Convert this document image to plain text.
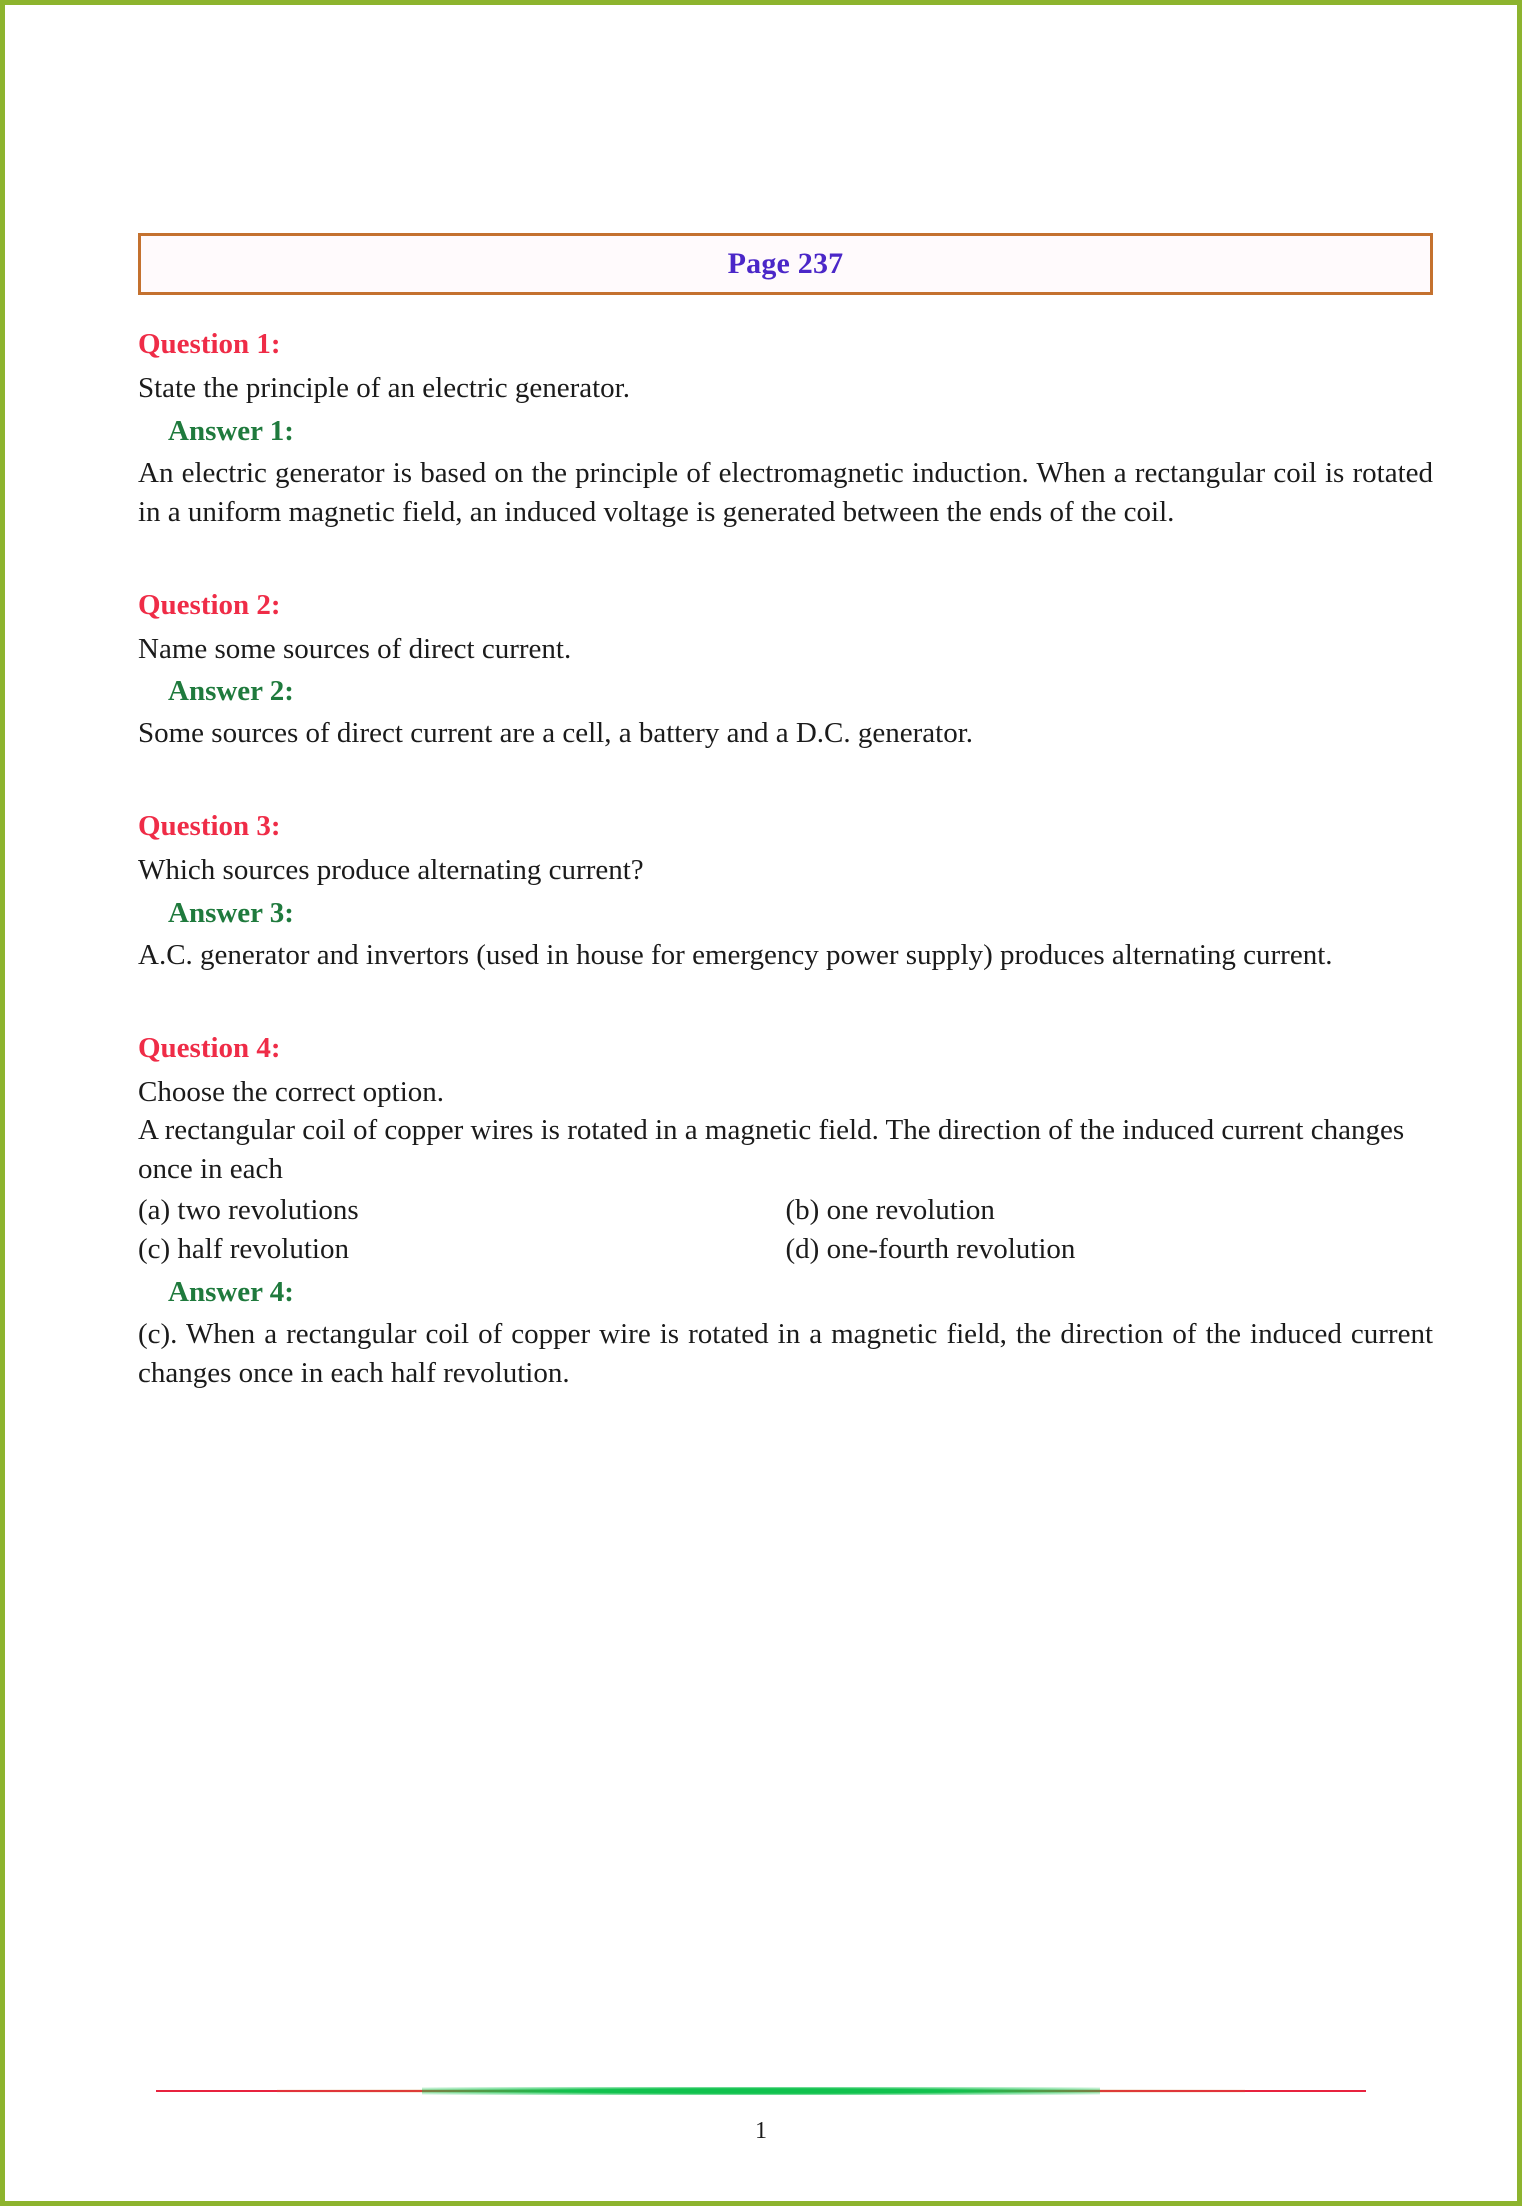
Page 237
Question 1:
State the principle of an electric generator.
Answer 1:
An electric generator is based on the principle of electromagnetic induction. When a rectangular coil is rotated in a uniform magnetic field, an induced voltage is generated between the ends of the coil.
Question 2:
Name some sources of direct current.
Answer 2:
Some sources of direct current are a cell, a battery and a D.C. generator.
Question 3:
Which sources produce alternating current?
Answer 3:
A.C. generator and invertors (used in house for emergency power supply) produces alternating current.
Question 4:
Choose the correct option.
A rectangular coil of copper wires is rotated in a magnetic field. The direction of the induced current changes once in each
(a) two revolutions	(b) one revolution
(c) half revolution	(d) one-fourth revolution
Answer 4:
(c). When a rectangular coil of copper wire is rotated in a magnetic field, the direction of the induced current changes once in each half revolution.
1
